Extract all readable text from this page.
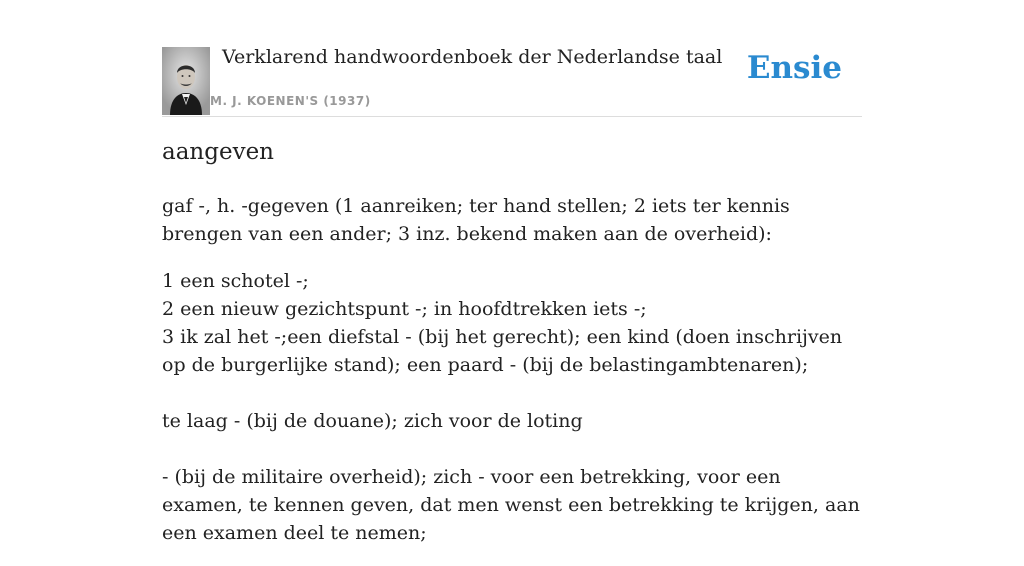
Verklarend handwoordenboek der Nederlandse taal
M. J. KOENEN'S (1937)
Ensie
aangeven

gaf -, h. -gegeven (1 aanreiken; ter hand stellen; 2 iets ter kennis brengen van een ander; 3 inz. bekend maken aan de overheid):

1 een schotel -;
2 een nieuw gezichtspunt -; in hoofdtrekken iets -;
3 ik zal het -;een diefstal - (bij het gerecht); een kind (doen inschrijven op de burgerlijke stand); een paard - (bij de belastingambtenaren);
te laag - (bij de douane); zich voor de loting
- (bij de militaire overheid); zich - voor een betrekking, voor een examen, te kennen geven, dat men wenst een betrekking te krijgen, aan een examen deel te nemen;
